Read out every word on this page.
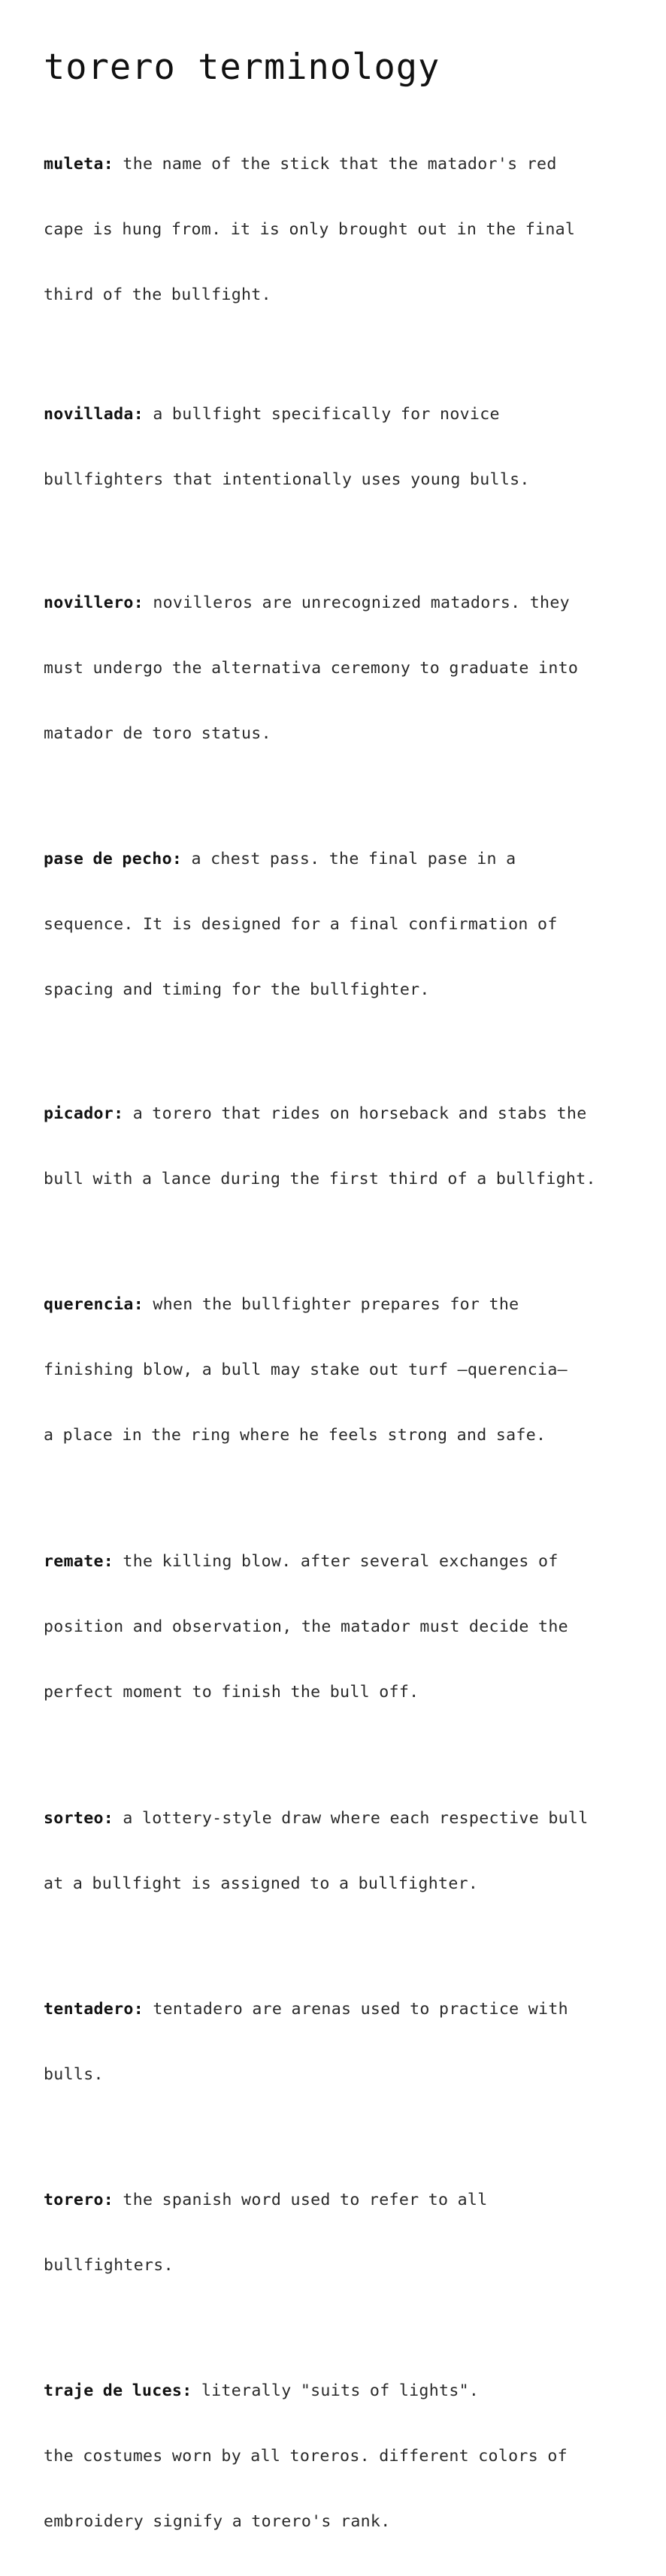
torero terminology

muleta: the name of the stick that the matador's red

cape is hung from. it is only brought out in the final

third of the bullfight.

novillada: a bullfight specifically for novice

bullfighters that intentionally uses young bulls.

novillero: novilleros are unrecognized matadors. they

must undergo the alternativa ceremony to graduate into

matador de toro status.

pase de pecho: a chest pass. the final pase in a

sequence. It is designed for a final confirmation of

spacing and timing for the bullfighter.

picador: a torero that rides on horseback and stabs the

bull with a lance during the first third of a bullfight.

querencia: when the bullfighter prepares for the

finishing blow, a bull may stake out turf —querencia—

a place in the ring where he feels strong and safe.

remate: the killing blow. after several exchanges of

position and observation, the matador must decide the

perfect moment to finish the bull off.

sorteo: a lottery-style draw where each respective bull

at a bullfight is assigned to a bullfighter.

tentadero: tentadero are arenas used to practice with

bulls.

torero: the spanish word used to refer to all

bullfighters.

traje de luces: literally "suits of lights".

the costumes worn by all toreros. different colors of

embroidery signify a torero's rank.
